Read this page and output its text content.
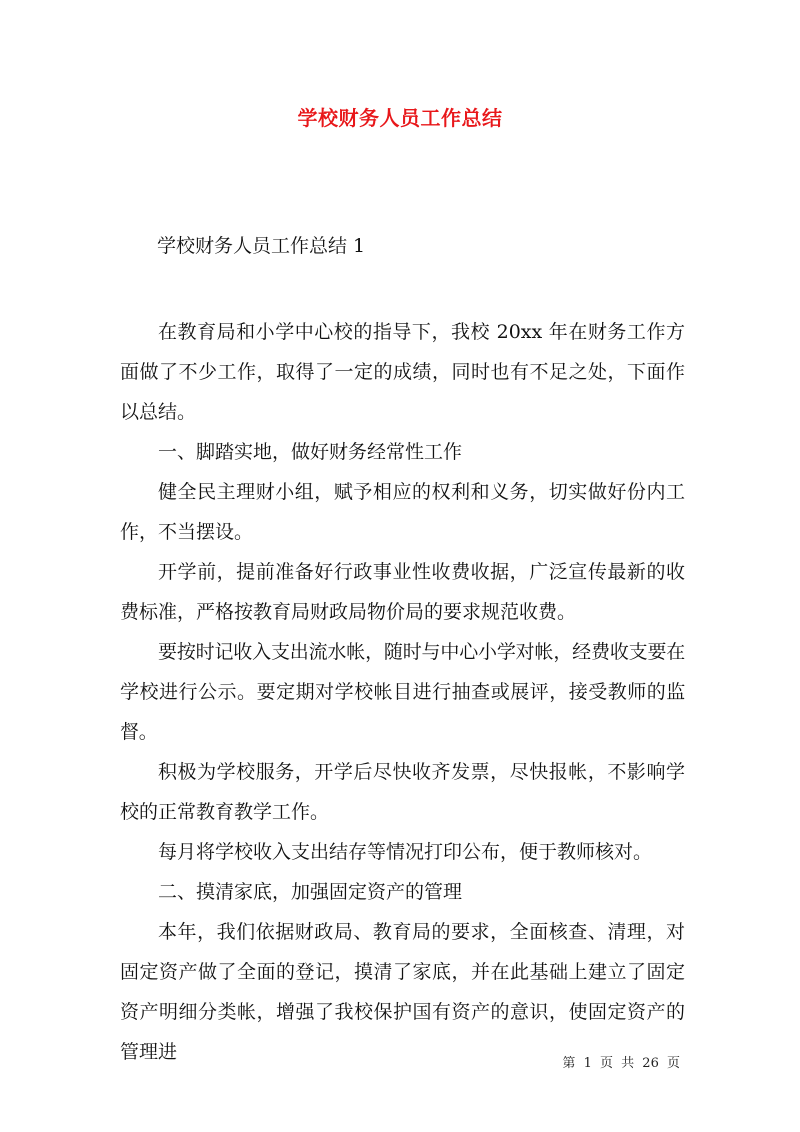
学校财务人员工作总结
学校财务人员工作总结 1

在教育局和小学中心校的指导下，我校 20xx 年在财务工作方面做了不少工作，取得了一定的成绩，同时也有不足之处，下面作以总结。

一、脚踏实地，做好财务经常性工作

健全民主理财小组，赋予相应的权利和义务，切实做好份内工作，不当摆设。

开学前，提前准备好行政事业性收费收据，广泛宣传最新的收费标准，严格按教育局财政局物价局的要求规范收费。

要按时记收入支出流水帐，随时与中心小学对帐，经费收支要在学校进行公示。要定期对学校帐目进行抽查或展评，接受教师的监督。

积极为学校服务，开学后尽快收齐发票，尽快报帐，不影响学校的正常教育教学工作。

每月将学校收入支出结存等情况打印公布，便于教师核对。

二、摸清家底，加强固定资产的管理

本年，我们依据财政局、教育局的要求，全面核查、清理，对固定资产做了全面的登记，摸清了家底，并在此基础上建立了固定资产明细分类帐，增强了我校保护国有资产的意识，使固定资产的管理进

第 1 页 共 26 页
